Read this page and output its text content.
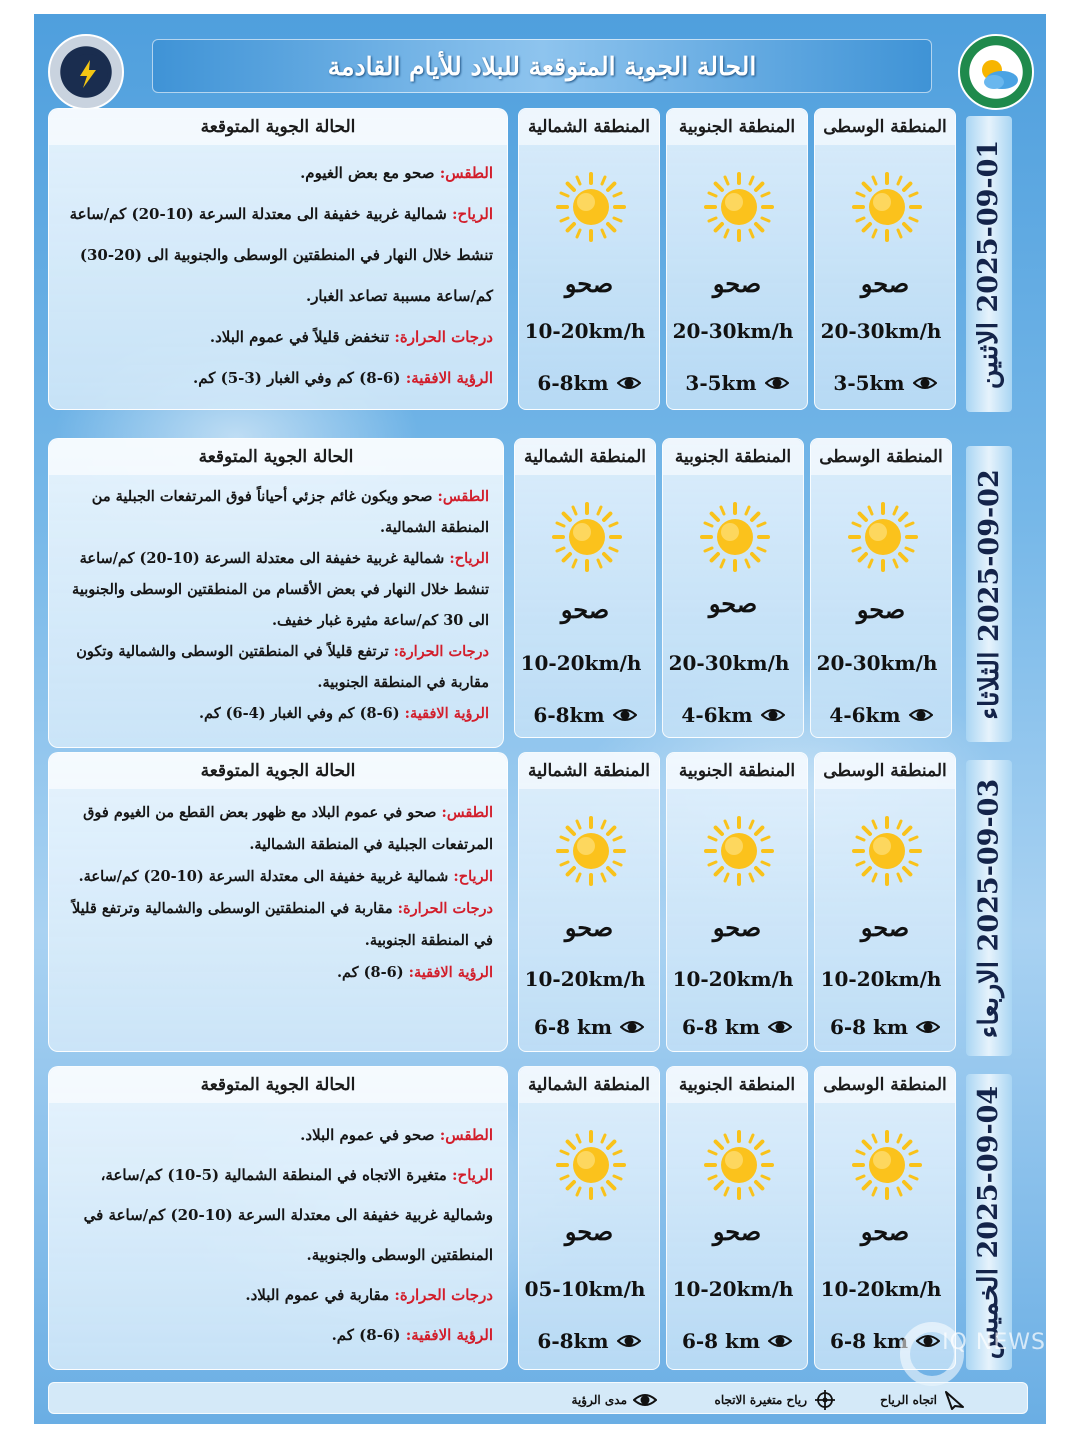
الحالة الجوية المتوقعة للبلاد للأيام القادمة
2025-09-01 الاثنين
المنطقة الوسطى
صحو
20-30km/h
3-5km
المنطقة الجنوبية
صحو
20-30km/h
3-5km
المنطقة الشمالية
صحو
10-20km/h
6-8km
الحالة الجوية المتوقعة
الطقس: صحو مع بعض الغيوم.
الرياح: شمالية غربية خفيفة الى معتدلة السرعة (10-20) كم/ساعة تنشط خلال النهار في المنطقتين الوسطى والجنوبية الى (20-30) كم/ساعة مسببة تصاعد الغبار.
درجات الحرارة: تنخفض قليلاً في عموم البلاد.
الرؤية الافقية: (6-8) كم وفي الغبار (3-5) كم.
2025-09-02 الثلاثاء
المنطقة الوسطى
صحو
20-30km/h
4-6km
المنطقة الجنوبية
صحو
20-30km/h
4-6km
المنطقة الشمالية
صحو
10-20km/h
6-8km
الحالة الجوية المتوقعة
الطقس: صحو ويكون غائم جزئي أحياناً فوق المرتفعات الجبلية من المنطقة الشمالية.
الرياح: شمالية غربية خفيفة الى معتدلة السرعة (10-20) كم/ساعة تنشط خلال النهار في بعض الأقسام من المنطقتين الوسطى والجنوبية الى 30 كم/ساعة مثيرة غبار خفيف.
درجات الحرارة: ترتفع قليلاً في المنطقتين الوسطى والشمالية وتكون مقاربة في المنطقة الجنوبية.
الرؤية الافقية: (6-8) كم وفي الغبار (4-6) كم.
2025-09-03 الاربعاء
المنطقة الوسطى
صحو
10-20km/h
6-8 km
المنطقة الجنوبية
صحو
10-20km/h
6-8 km
المنطقة الشمالية
صحو
10-20km/h
6-8 km
الحالة الجوية المتوقعة
الطقس: صحو في عموم البلاد مع ظهور بعض القطع من الغيوم فوق المرتفعات الجبلية في المنطقة الشمالية.
الرياح: شمالية غربية خفيفة الى معتدلة السرعة (10-20) كم/ساعة.
درجات الحرارة: مقاربة في المنطقتين الوسطى والشمالية وترتفع قليلاً في المنطقة الجنوبية.
الرؤية الافقية: (6-8) كم.
2025-09-04 الخميس
المنطقة الوسطى
صحو
10-20km/h
6-8 km
المنطقة الجنوبية
صحو
10-20km/h
6-8 km
المنطقة الشمالية
صحو
05-10km/h
6-8km
الحالة الجوية المتوقعة
الطقس: صحو في عموم البلاد.
الرياح: متغيرة الاتجاه في المنطقة الشمالية (5-10) كم/ساعة، وشمالية غربية خفيفة الى معتدلة السرعة (10-20) كم/ساعة في المنطقتين الوسطى والجنوبية.
درجات الحرارة: مقاربة في عموم البلاد.
الرؤية الافقية: (6-8) كم.	IQ NEWS
اتجاه الرياح
رياح متغيرة الاتجاه
مدى الرؤية
